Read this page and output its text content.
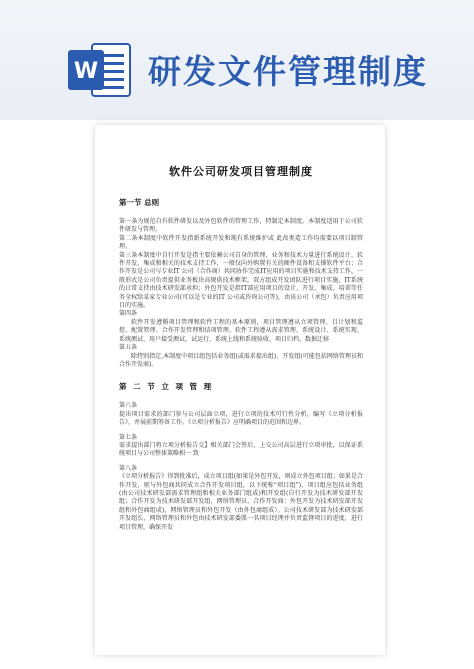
W 研发文件管理制度
软件公司研发项目管理制度
第一节 总则

第一条为规范自有软件研发以及外包软件的管理工作，特制定本制度。本制度适用于公司软件研发与管理。

第二条本制度中软件开发指新系统开发和现有系统维护或 此改类造工作均需要以项目制管理。

第三条本制度中自行开发是指主要依赖公司自身的管理、业务和技术力量进行系统设计、软件开发、集成和相关的技术支持工作，一般仅向外购置有关的硬件设备和支撑软件平台；合作开发是公司与专业IT 公司（合作商）共同协作完成IT应用的项目实施和技术支持工作，一般形式是公司负责提供业务板块高规供技术框架，双方组成开发团队进行项目实施，IT系统的日常支持由技术研发部承担；外包开发是指IT部应用项目的设计、开发、集成、培训等任务全权给某家专业公司(可以是专业的IT 公司或咨询公司等)，由该公司（承包）负责应用项目的实施。

第四条

软件开发遵循项目管理和软件工程的基本原则，项目管理遵从立项管理、目计划和监控、配置管理、合作开发管理和结项管理。软件工程遵从需求管理、系统设计、系统实现、系统测试、用户接受测试、试运行、系统上线和系统验收、项目归档、数据迁移

第五条

除特别指定,本制度中项目组包括业务组(或需求提出组)、开发组(可能包括网络管理员和合作开发商)。

第 二 节 立 项 管 理

第六条

提出项目需求的部门参与公司层面立项，进行立项的技术可行性分析，编写《立项分析报告》，并展前期筹备工作。《立项分析报告》应明确项目的范围和边界。

第七条

需求提出部门将立项分析报告交】相关部门会签后，上交公司高层进行立项审批，以保证系统项目与公司整体策略相一 致

第八条

《立项分析报告》得到批准后，成立项目组(如果是外包开发，则成立外包项目组；如果是合作开发，则与外包商共同成立合作开发项目组，以下统称“项目组”)，项目组应包括业务组(由公司技术研发部需求管理组和相关业务部门组成)和开发组(自行开发为技术研发部开发组；合作开发为技术研发部开发组、网络管理员、合作开发商；外包开发为技术研发部开发组和外包商组成)，网络管理员和外包开发（由外包商组成）。公司技术研发部为技术研发部开发组长，网络管理员和外包由技术研发部委派一名项目经理并负责监督项目的进度，进行项目管理，确保开发
